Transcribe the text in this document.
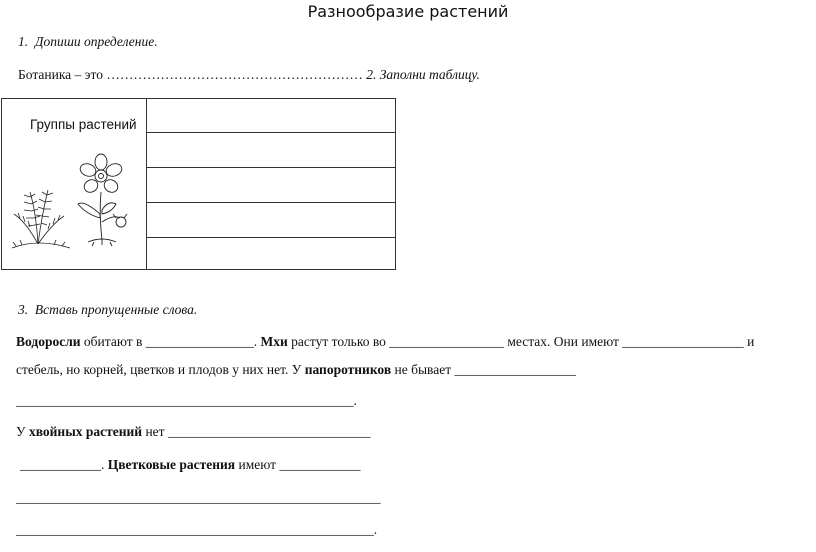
Разнообразие растений
1. Допиши определение.
Ботаника – это ………………………………………………… 2. Заполни таблицу.
Группы растений
3. Вставь пропущенные слова.
Водоросли обитают в ________________. Мхи растут только во _________________ местах. Они имеют __________________ и
стебель, но корней, цветков и плодов у них нет. У папоротников не бывает __________________
__________________________________________________.
У хвойных растений нет ______________________________
____________. Цветковые растения имеют ____________
______________________________________________________
_____________________________________________________.
